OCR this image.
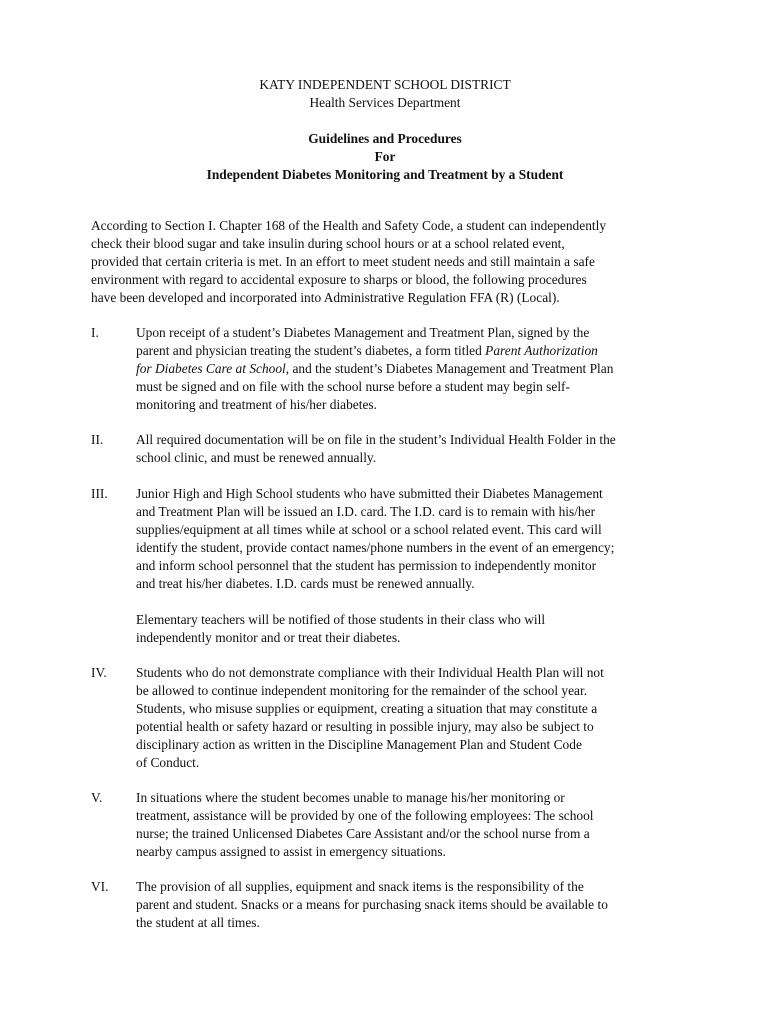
KATY INDEPENDENT SCHOOL DISTRICT
Health Services Department
Guidelines and Procedures
For
Independent Diabetes Monitoring and Treatment by a Student
According to Section I. Chapter 168 of the Health and Safety Code, a student can independently
check their blood sugar and take insulin during school hours or at a school related event,
provided that certain criteria is met. In an effort to meet student needs and still maintain a safe
environment with regard to accidental exposure to sharps or blood, the following procedures
have been developed and incorporated into Administrative Regulation FFA (R) (Local).
I.	Upon receipt of a student’s Diabetes Management and Treatment Plan, signed by the
parent and physician treating the student’s diabetes, a form titled Parent Authorization
for Diabetes Care at School, and the student’s Diabetes Management and Treatment Plan
must be signed and on file with the school nurse before a student may begin self-
monitoring and treatment of his/her diabetes.
II.	All required documentation will be on file in the student’s Individual Health Folder in the
school clinic, and must be renewed annually.
III.	Junior High and High School students who have submitted their Diabetes Management
and Treatment Plan will be issued an I.D. card. The I.D. card is to remain with his/her
supplies/equipment at all times while at school or a school related event. This card will
identify the student, provide contact names/phone numbers in the event of an emergency;
and inform school personnel that the student has permission to independently monitor
and treat his/her diabetes. I.D. cards must be renewed annually.

Elementary teachers will be notified of those students in their class who will
independently monitor and or treat their diabetes.

IV.	Students who do not demonstrate compliance with their Individual Health Plan will not
be allowed to continue independent monitoring for the remainder of the school year.
Students, who misuse supplies or equipment, creating a situation that may constitute a
potential health or safety hazard or resulting in possible injury, may also be subject to
disciplinary action as written in the Discipline Management Plan and Student Code
of Conduct.
V.	In situations where the student becomes unable to manage his/her monitoring or
treatment, assistance will be provided by one of the following employees: The school
nurse; the trained Unlicensed Diabetes Care Assistant and/or the school nurse from a
nearby campus assigned to assist in emergency situations.
VI.	The provision of all supplies, equipment and snack items is the responsibility of the
parent and student. Snacks or a means for purchasing snack items should be available to
the student at all times.
